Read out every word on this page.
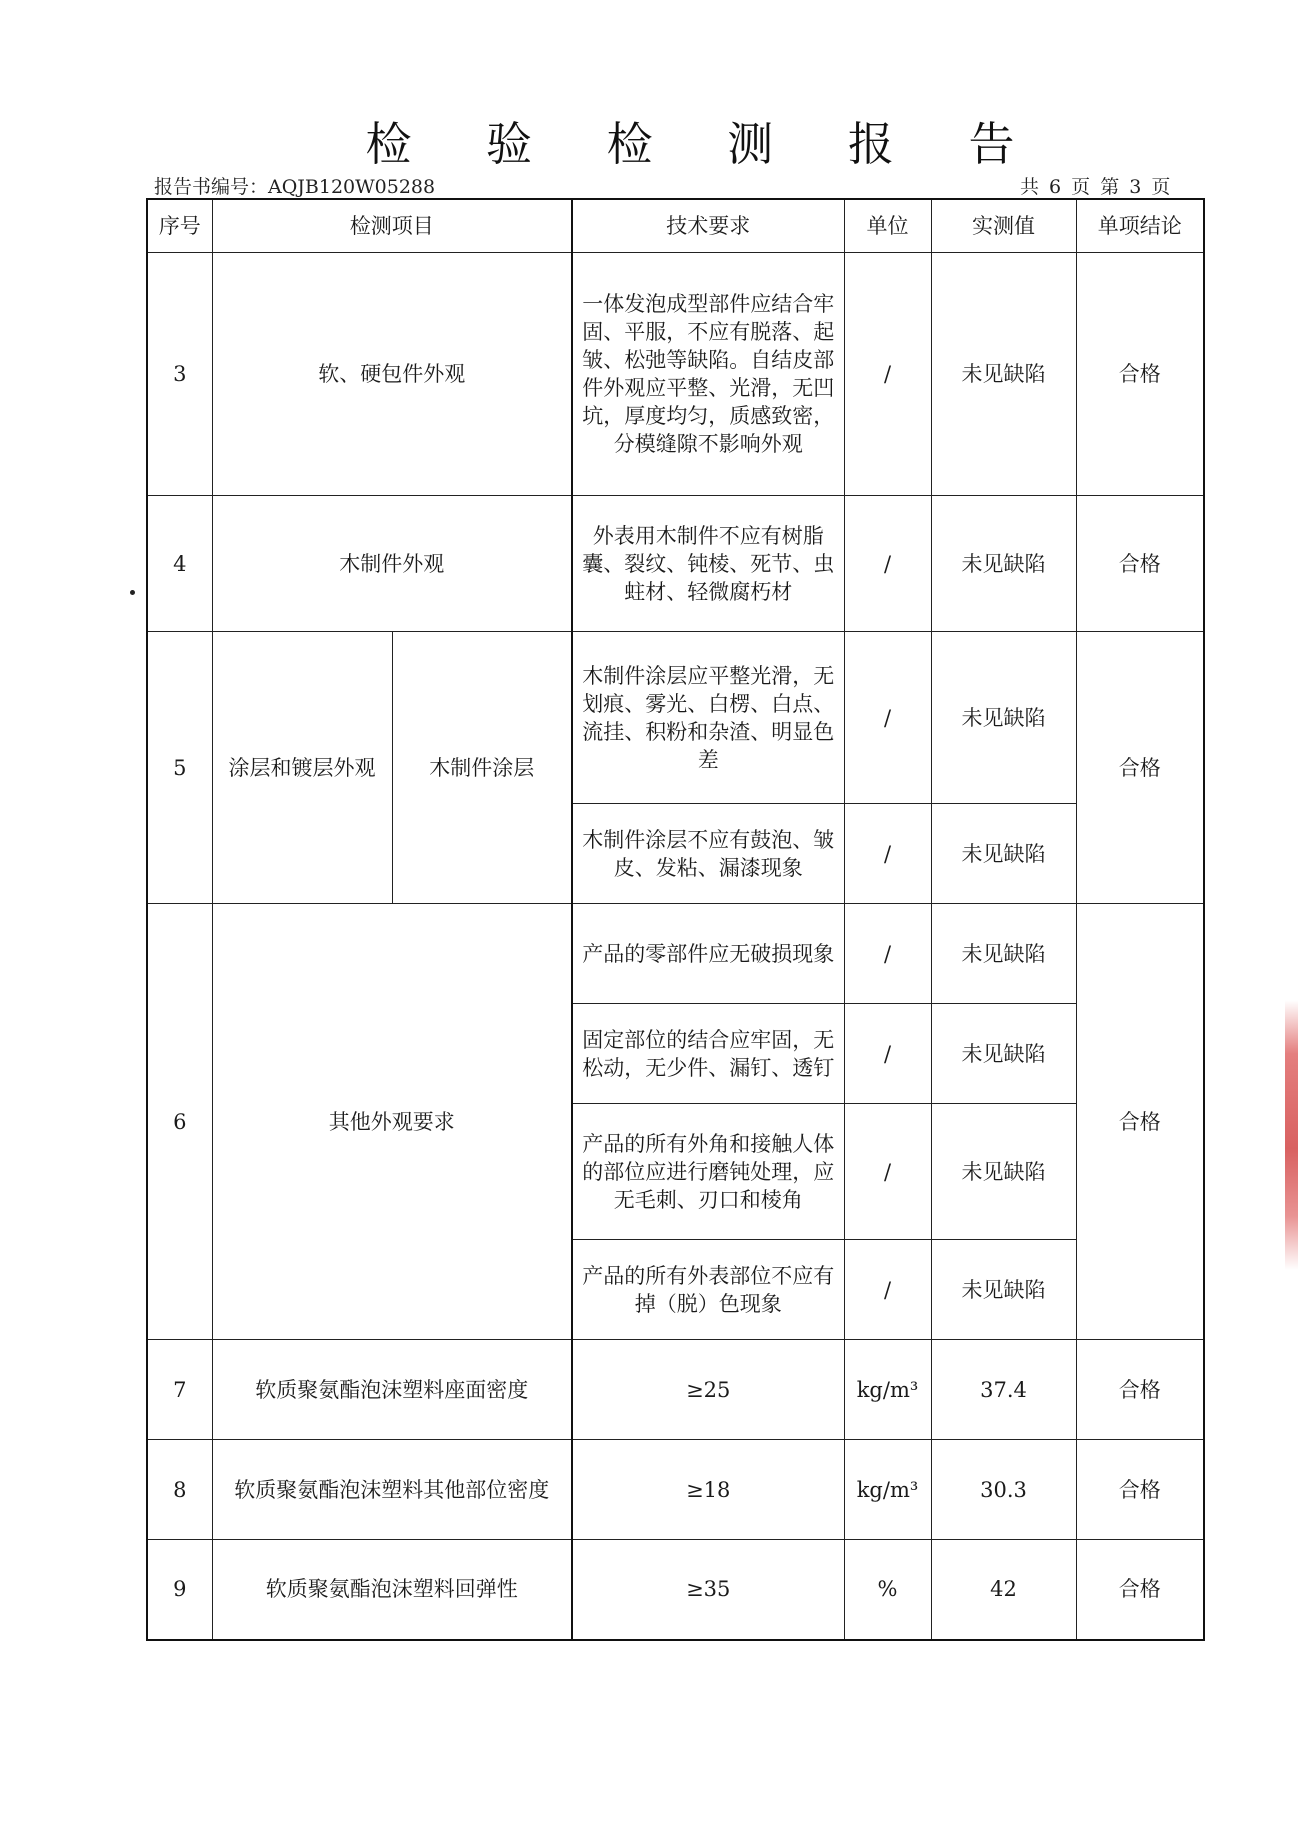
检 验 检 测 报 告
报告书编号：AQJB120W05288	共 6 页 第 3 页
序号	检测项目		技术要求	单位	实测值	单项结论
3	软、硬包件外观		一体发泡成型部件应结合牢固、平服，不应有脱落、起皱、松弛等缺陷。自结皮部件外观应平整、光滑，无凹坑，厚度均匀，质感致密，分模缝隙不影响外观	/	未见缺陷	合格
4	木制件外观		外表用木制件不应有树脂囊、裂纹、钝棱、死节、虫蛀材、轻微腐朽材	/	未见缺陷	合格
5	涂层和镀层外观	木制件涂层	木制件涂层应平整光滑，无划痕、雾光、白楞、白点、流挂、积粉和杂渣、明显色差	/	未见缺陷	合格
			木制件涂层不应有鼓泡、皱皮、发粘、漏漆现象	/	未见缺陷	
6	其他外观要求		产品的零部件应无破损现象	/	未见缺陷	合格
			固定部位的结合应牢固，无松动，无少件、漏钉、透钉	/	未见缺陷	
			产品的所有外角和接触人体的部位应进行磨钝处理，应无毛刺、刃口和棱角	/	未见缺陷	
			产品的所有外表部位不应有掉（脱）色现象	/	未见缺陷	
7	软质聚氨酯泡沫塑料座面密度		≥25	kg/m³	37.4	合格
8	软质聚氨酯泡沫塑料其他部位密度		≥18	kg/m³	30.3	合格
9	软质聚氨酯泡沫塑料回弹性		≥35	%	42	合格
